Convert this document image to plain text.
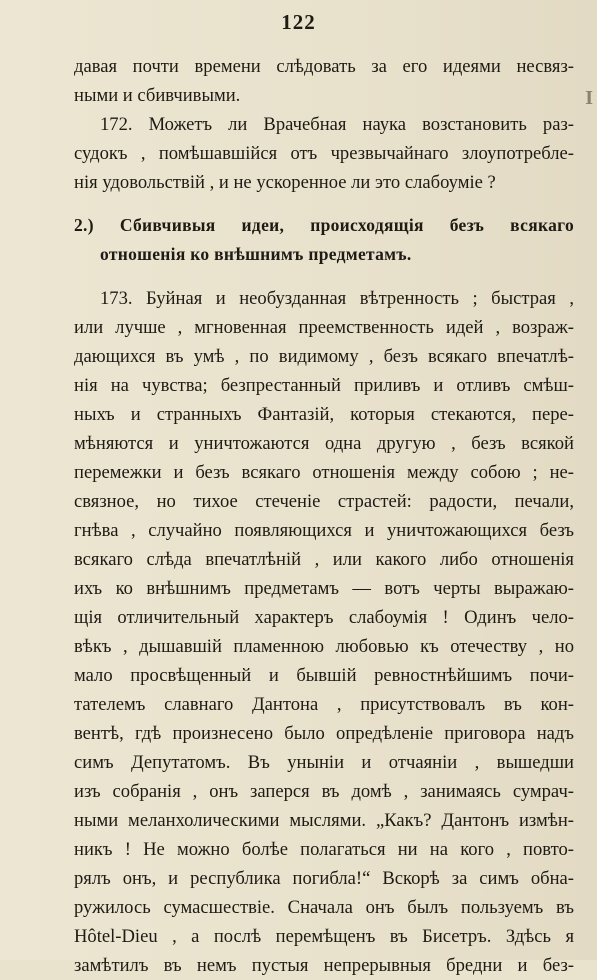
122
I
давая почти времени слѣдовать за его идеями несвяз-
ными и сбивчивыми.
172. Можетъ ли Врачебная наука возстановить раз-
судокъ , помѣшавшійся отъ чрезвычайнаго злоупотребле-
нія удовольствій , и не ускоренное ли это слабоуміе ?
2.) Сбивчивыя идеи, происходящія безъ всякаго
отношенія ко внѣшнимъ предметамъ.
173. Буйная и необузданная вѣтренность ; быстрая ,
или лучше , мгновенная преемственность идей , возраж-
дающихся въ умѣ , по видимому , безъ всякаго впечатлѣ-
нія на чувства; безпрестанный приливъ и отливъ смѣш-
ныхъ и странныхъ Фантазій, которыя стекаются, пере-
мѣняются и уничтожаются одна другую , безъ всякой
перемежки и безъ всякаго отношенія между собою ; не-
связное, но тихое стеченіе страстей: радости, печали,
гнѣва , случайно появляющихся и уничтожающихся безъ
всякаго слѣда впечатлѣній , или какого либо отношенія
ихъ ко внѣшнимъ предметамъ — вотъ черты выражаю-
щія отличительный характеръ слабоумія ! Одинъ чело-
вѣкъ , дышавшій пламенною любовью къ отечеству , но
мало просвѣщенный и бывшій ревностнѣйшимъ почи-
тателемъ славнаго Дантона , присутствовалъ въ кон-
вентѣ, гдѣ произнесено было опредѣленіе приговора надъ
симъ Депутатомъ. Въ уныніи и отчаяніи , вышедши
изъ собранія , онъ заперся въ домѣ , занимаясь сумрач-
ными меланхолическими мыслями. „Какъ? Дантонъ измѣн-
никъ ! Не можно болѣе полагаться ни на кого , повто-
рялъ онъ, и республика погибла!“ Вскорѣ за симъ обна-
ружилось сумасшествіе. Сначала онъ былъ пользуемъ въ
Hôtel-Dieu , а послѣ перемѣщенъ въ Бисетръ. Здѣсь я
замѣтилъ въ немъ пустыя непрерывныя бредни и без-
